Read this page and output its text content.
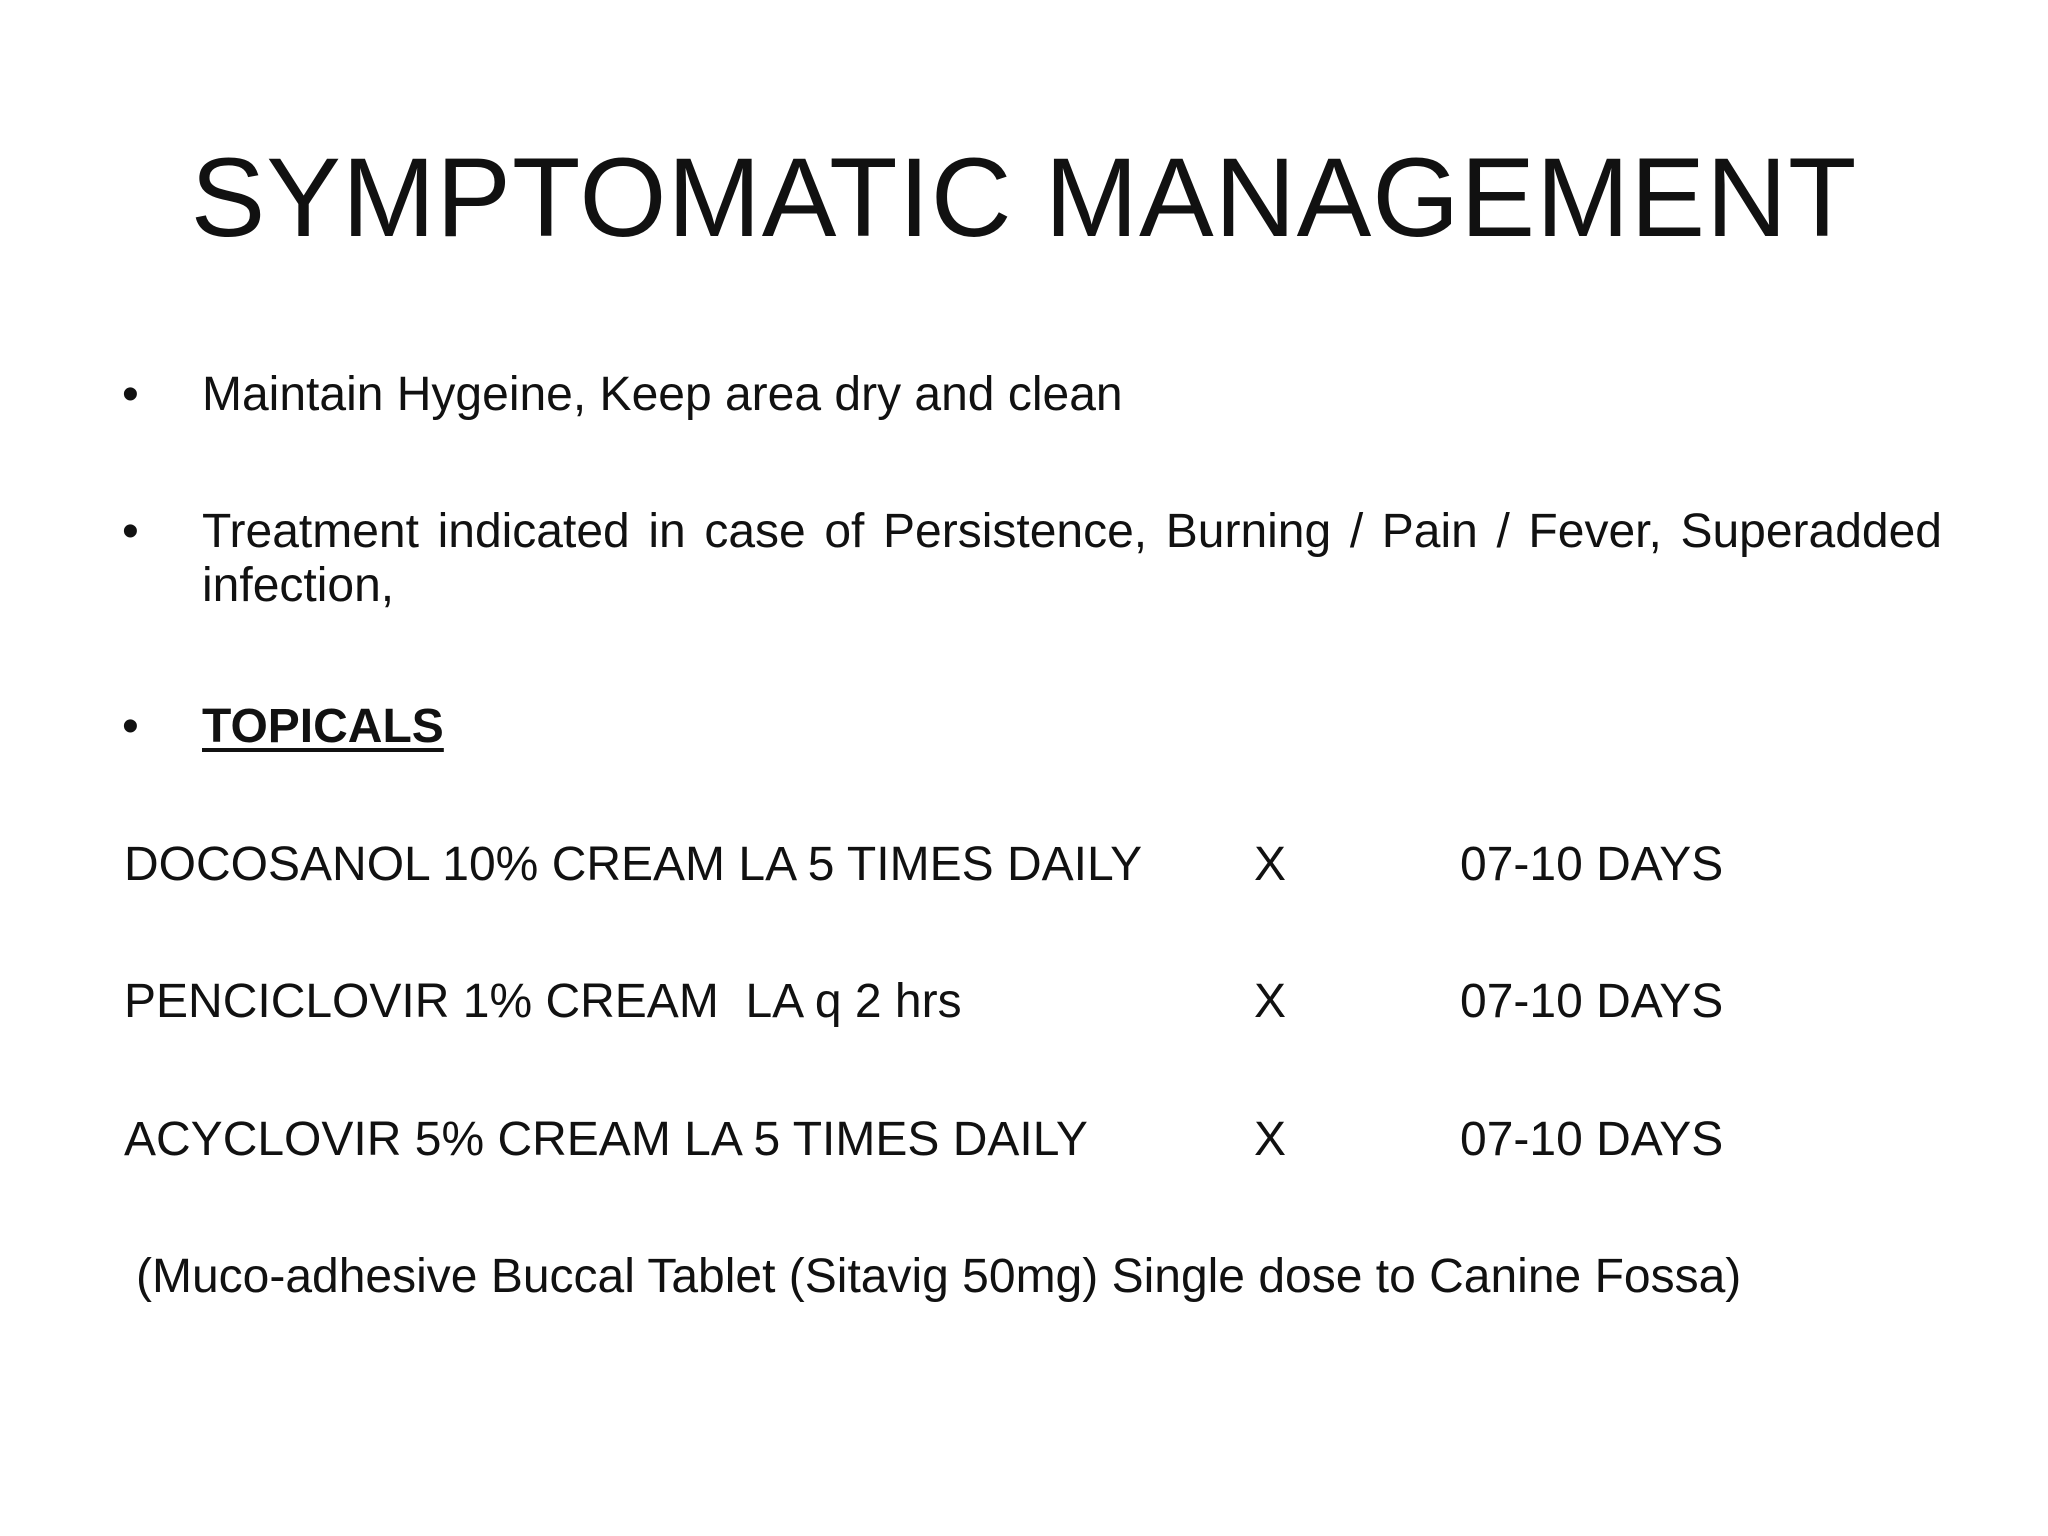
SYMPTOMATIC MANAGEMENT
•	Maintain Hygeine, Keep area dry and clean
•	Treatment indicated in case of Persistence, Burning / Pain / Fever, Superadded infection,
•	TOPICALS
DOCOSANOL 10% CREAM LA 5 TIMES DAILY X	07-10 DAYS
PENCICLOVIR 1% CREAM  LA q 2 hrs	X	07-10 DAYS
ACYCLOVIR 5% CREAM LA 5 TIMES DAILY	X	07-10 DAYS
(Muco-adhesive Buccal Tablet (Sitavig 50mg) Single dose to Canine Fossa)
